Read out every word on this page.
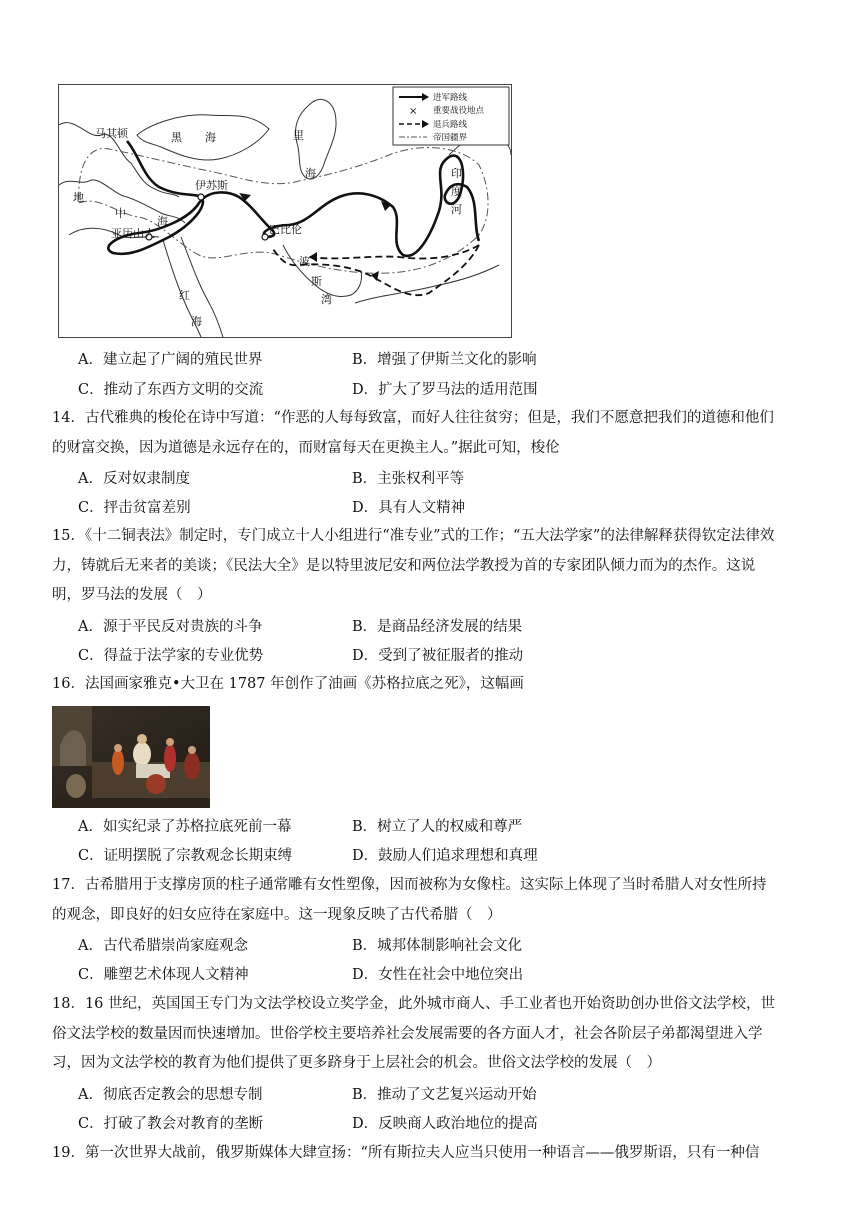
马其顿	黑 海	里
海
地
中
海
伊苏斯
亚历山大	巴比伦
印
度
河
波
斯
湾
红
海
进军路线
× 重要战役地点
退兵路线
帝国疆界
A．建立起了广阔的殖民世界	B．增强了伊斯兰文化的影响
C．推动了东西方文明的交流	D．扩大了罗马法的适用范围
14．古代雅典的梭伦在诗中写道：“作恶的人每每致富，而好人往往贫穷；但是，我们不愿意把我们的道德和他们
的财富交换，因为道德是永远存在的，而财富每天在更换主人。”据此可知，梭伦
A．反对奴隶制度	B．主张权利平等
C．抨击贫富差别	D．具有人文精神
15．《十二铜表法》制定时，专门成立十人小组进行“准专业”式的工作；“五大法学家”的法律解释获得钦定法律效
力，铸就后无来者的美谈；《民法大全》是以特里波尼安和两位法学教授为首的专家团队倾力而为的杰作。这说
明，罗马法的发展（　）
A．源于平民反对贵族的斗争	B．是商品经济发展的结果
C．得益于法学家的专业优势	D．受到了被征服者的推动
16．法国画家雅克•大卫在 1787 年创作了油画《苏格拉底之死》，这幅画
A．如实纪录了苏格拉底死前一幕	B．树立了人的权威和尊严
C．证明摆脱了宗教观念长期束缚	D．鼓励人们追求理想和真理
17．古希腊用于支撑房顶的柱子通常雕有女性塑像，因而被称为女像柱。这实际上体现了当时希腊人对女性所持
的观念，即良好的妇女应待在家庭中。这一现象反映了古代希腊（　）
A．古代希腊崇尚家庭观念	B．城邦体制影响社会文化
C．雕塑艺术体现人文精神	D．女性在社会中地位突出
18．16 世纪，英国国王专门为文法学校设立奖学金，此外城市商人、手工业者也开始资助创办世俗文法学校，世
俗文法学校的数量因而快速增加。世俗学校主要培养社会发展需要的各方面人才，社会各阶层子弟都渴望进入学
习，因为文法学校的教育为他们提供了更多跻身于上层社会的机会。世俗文法学校的发展（　）
A．彻底否定教会的思想专制	B．推动了文艺复兴运动开始
C．打破了教会对教育的垄断	D．反映商人政治地位的提高
19．第一次世界大战前，俄罗斯媒体大肆宣扬：“所有斯拉夫人应当只使用一种语言——俄罗斯语，只有一种信
